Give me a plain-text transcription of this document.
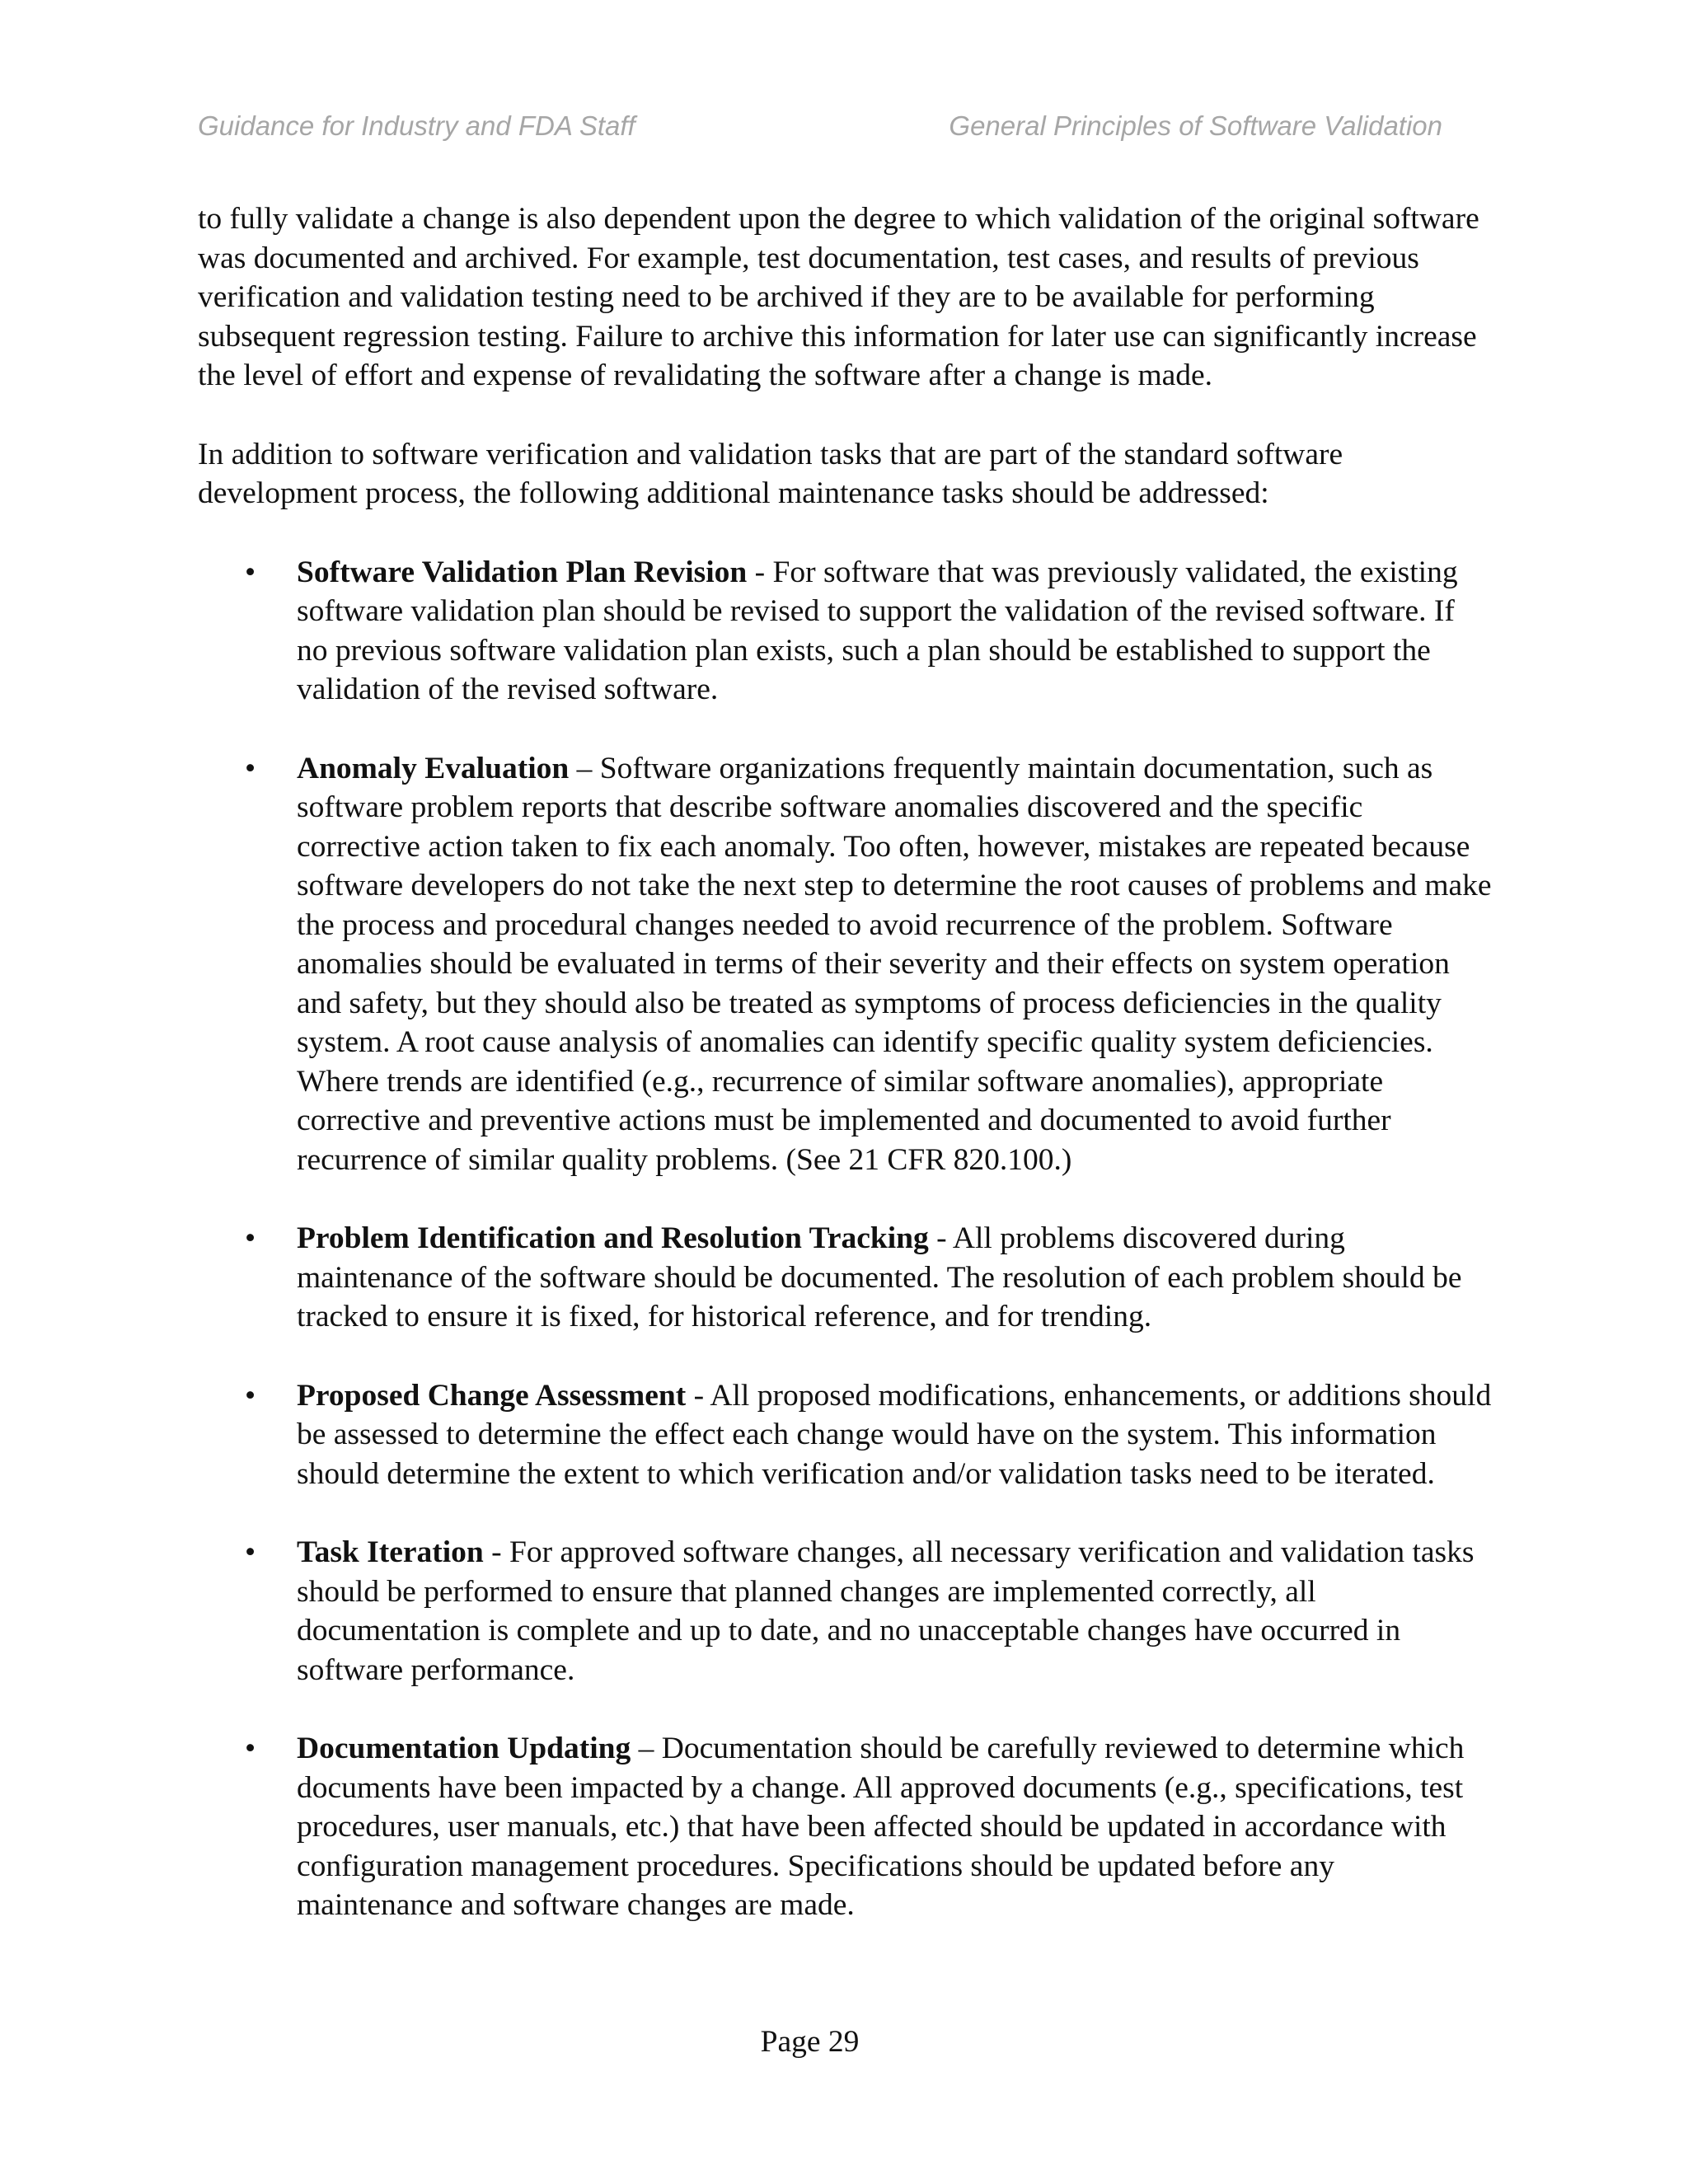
Guidance for Industry and FDA Staff	General Principles of Software Validation

to fully validate a change is also dependent upon the degree to which validation of the original software was documented and archived. For example, test documentation, test cases, and results of previous verification and validation testing need to be archived if they are to be available for performing subsequent regression testing. Failure to archive this information for later use can significantly increase the level of effort and expense of revalidating the software after a change is made.

In addition to software verification and validation tasks that are part of the standard software development process, the following additional maintenance tasks should be addressed:

• Software Validation Plan Revision - For software that was previously validated, the existing software validation plan should be revised to support the validation of the revised software. If no previous software validation plan exists, such a plan should be established to support the validation of the revised software.
• Anomaly Evaluation – Software organizations frequently maintain documentation, such as software problem reports that describe software anomalies discovered and the specific corrective action taken to fix each anomaly. Too often, however, mistakes are repeated because software developers do not take the next step to determine the root causes of problems and make the process and procedural changes needed to avoid recurrence of the problem. Software anomalies should be evaluated in terms of their severity and their effects on system operation and safety, but they should also be treated as symptoms of process deficiencies in the quality system. A root cause analysis of anomalies can identify specific quality system deficiencies. Where trends are identified (e.g., recurrence of similar software anomalies), appropriate corrective and preventive actions must be implemented and documented to avoid further recurrence of similar quality problems. (See 21 CFR 820.100.)
• Problem Identification and Resolution Tracking - All problems discovered during maintenance of the software should be documented. The resolution of each problem should be tracked to ensure it is fixed, for historical reference, and for trending.
• Proposed Change Assessment - All proposed modifications, enhancements, or additions should be assessed to determine the effect each change would have on the system. This information should determine the extent to which verification and/or validation tasks need to be iterated.
• Task Iteration - For approved software changes, all necessary verification and validation tasks should be performed to ensure that planned changes are implemented correctly, all documentation is complete and up to date, and no unacceptable changes have occurred in software performance.
• Documentation Updating – Documentation should be carefully reviewed to determine which documents have been impacted by a change. All approved documents (e.g., specifications, test procedures, user manuals, etc.) that have been affected should be updated in accordance with configuration management procedures. Specifications should be updated before any maintenance and software changes are made.
Page 29
